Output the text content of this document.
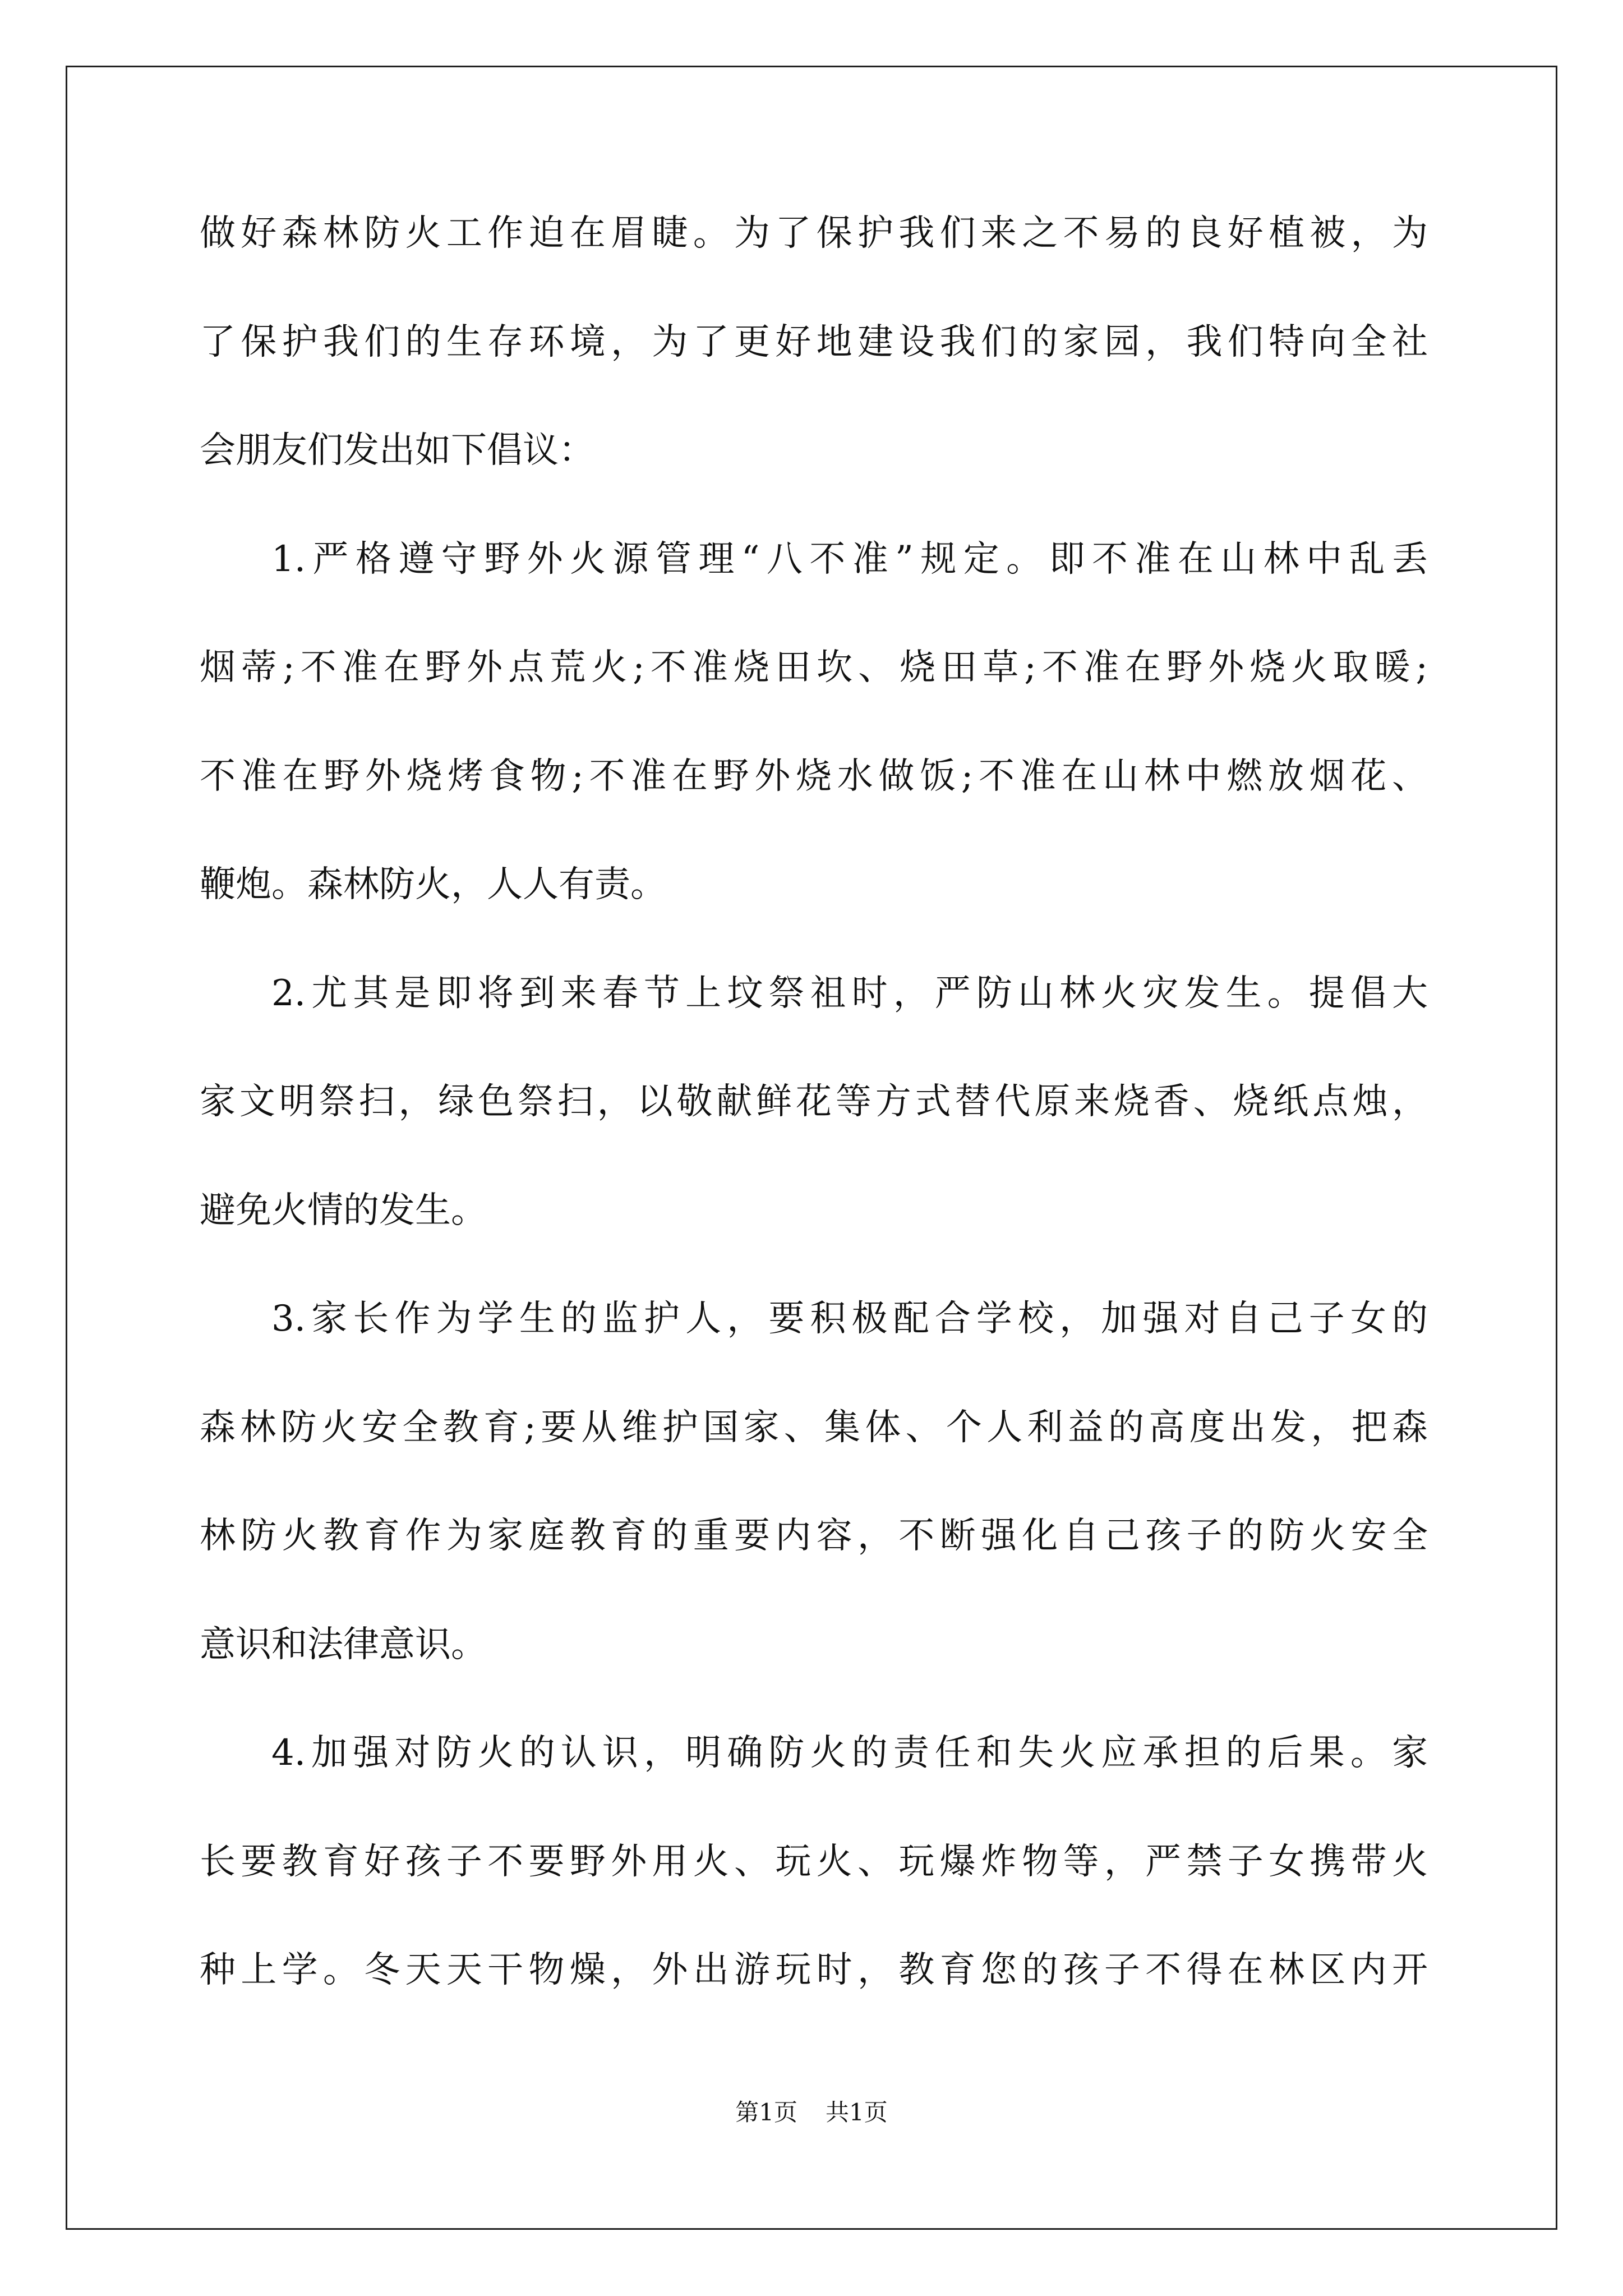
做好森林防火工作迫在眉睫。为了保护我们来之不易的良好植被，为
了保护我们的生存环境，为了更好地建设我们的家园，我们特向全社
会朋友们发出如下倡议：
1.严格遵守野外火源管理“八不准”规定。即不准在山林中乱丢
烟蒂;不准在野外点荒火;不准烧田坎、烧田草;不准在野外烧火取暖;
不准在野外烧烤食物;不准在野外烧水做饭;不准在山林中燃放烟花、
鞭炮。森林防火，人人有责。
2.尤其是即将到来春节上坟祭祖时，严防山林火灾发生。提倡大
家文明祭扫，绿色祭扫，以敬献鲜花等方式替代原来烧香、烧纸点烛，
避免火情的发生。
3.家长作为学生的监护人，要积极配合学校，加强对自己子女的
森林防火安全教育;要从维护国家、集体、个人利益的高度出发，把森
林防火教育作为家庭教育的重要内容，不断强化自己孩子的防火安全
意识和法律意识。
4.加强对防火的认识，明确防火的责任和失火应承担的后果。家
长要教育好孩子不要野外用火、玩火、玩爆炸物等，严禁子女携带火
种上学。冬天天干物燥，外出游玩时，教育您的孩子不得在林区内开
第1页 共1页
